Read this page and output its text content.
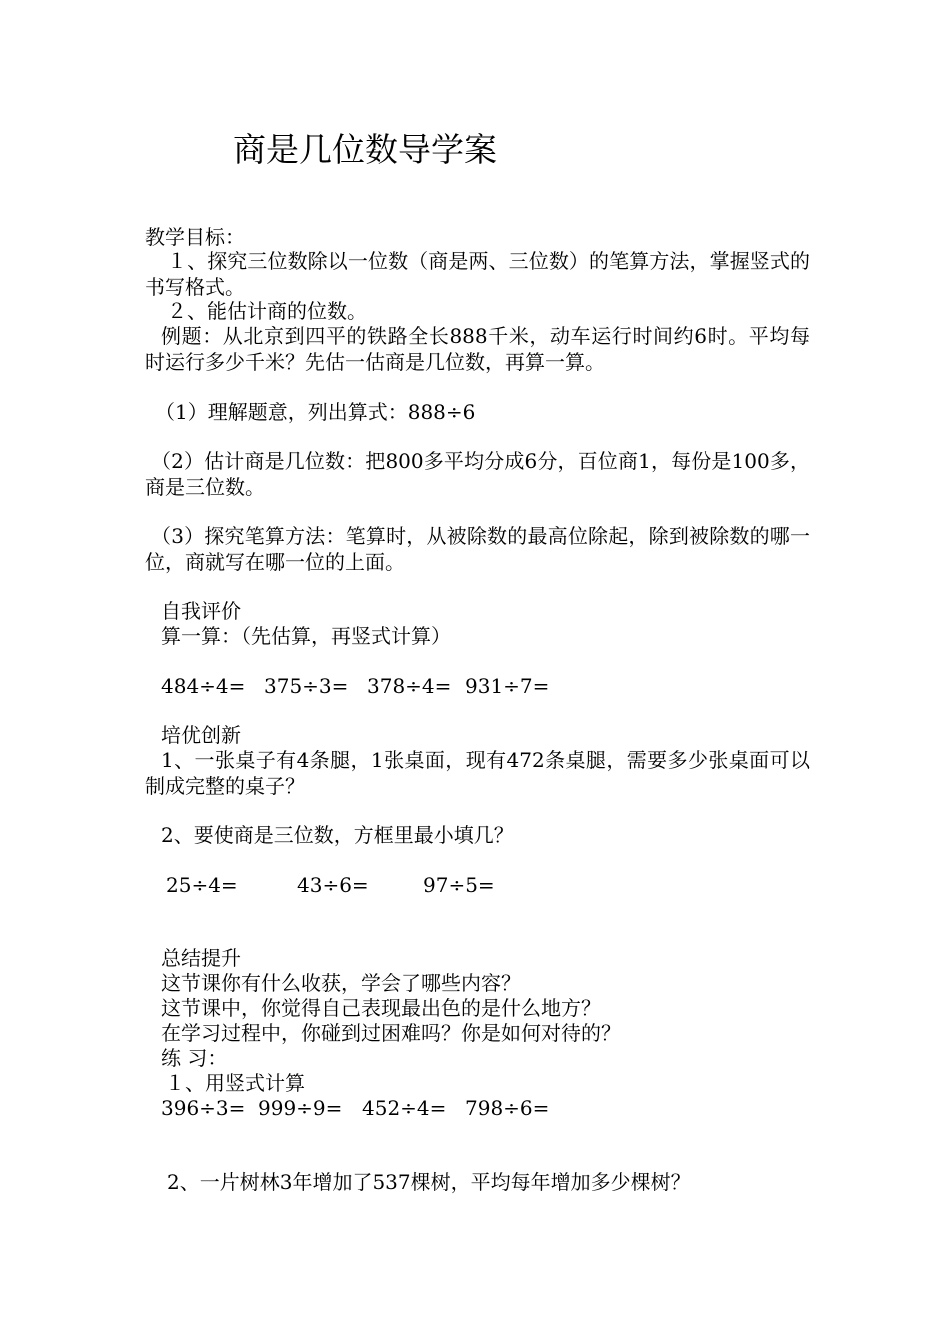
商是几位数导学案
教学目标：
１、探究三位数除以一位数（商是两、三位数）的笔算方法，掌握竖式的书写格式。
２、能估计商的位数。
例题：从北京到四平的铁路全长888千米，动车运行时间约6时。平均每时运行多少千米？先估一估商是几位数，再算一算。
（1）理解题意，列出算式：888÷6
（2）估计商是几位数：把800多平均分成6分，百位商1，每份是100多，商是三位数。
（3）探究笔算方法：笔算时，从被除数的最高位除起，除到被除数的哪一位，商就写在哪一位的上面。
自我评价
算一算：（先估算，再竖式计算）
484÷4= 375÷3= 378÷4= 931÷7=
培优创新
1、一张桌子有4条腿，1张桌面，现有472条桌腿，需要多少张桌面可以制成完整的桌子？
2、要使商是三位数，方框里最小填几？
25÷4=	43÷6=	97÷5=
总结提升
这节课你有什么收获，学会了哪些内容？
这节课中，你觉得自己表现最出色的是什么地方？
在学习过程中，你碰到过困难吗？你是如何对待的？
练 习：
１、用竖式计算
396÷3= 999÷9= 452÷4= 798÷6=
2、一片树林3年增加了537棵树，平均每年增加多少棵树？
